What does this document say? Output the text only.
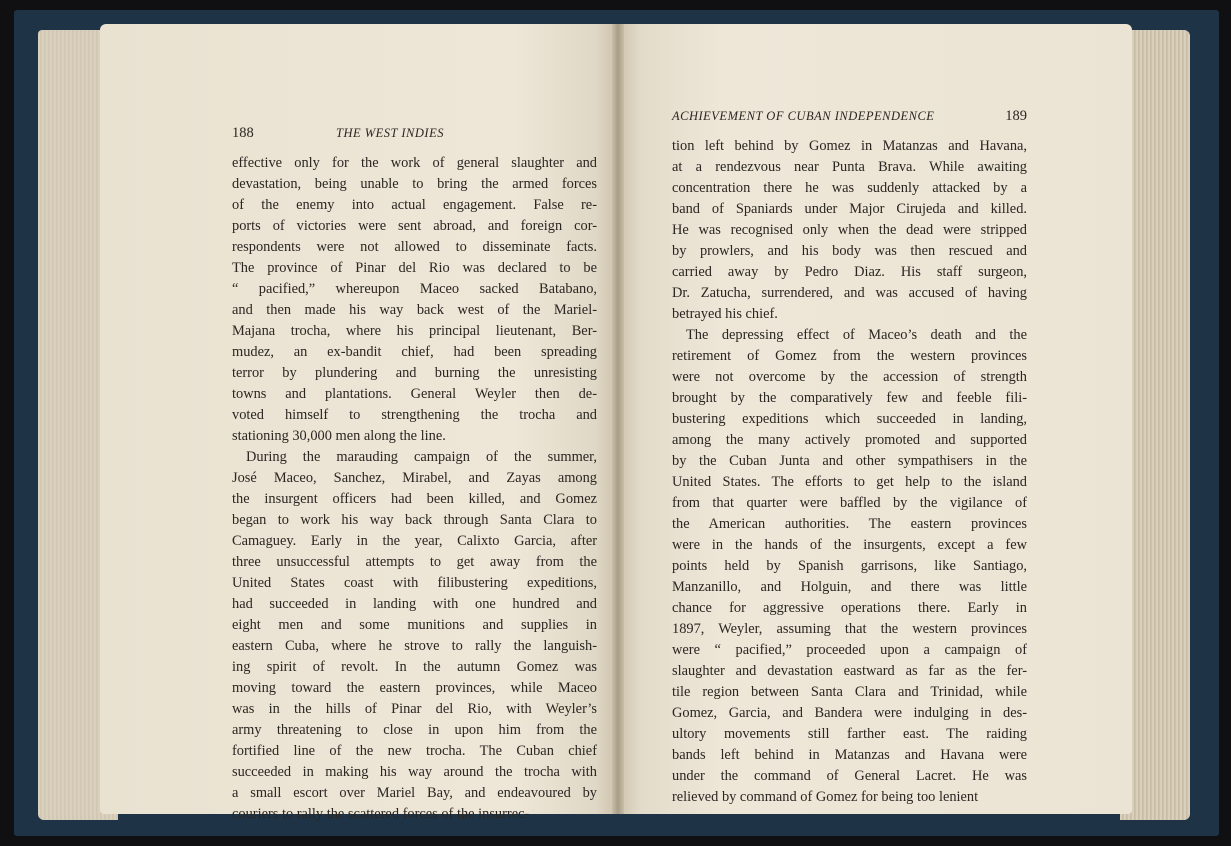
188	THE WEST INDIES
effective only for the work of general slaughter and
devastation, being unable to bring the armed forces
of the enemy into actual engagement. False re-
ports of victories were sent abroad, and foreign cor-
respondents were not allowed to disseminate facts.
The province of Pinar del Rio was declared to be
“ pacified,” whereupon Maceo sacked Batabano,
and then made his way back west of the Mariel-
Majana trocha, where his principal lieutenant, Ber-
mudez, an ex-bandit chief, had been spreading
terror by plundering and burning the unresisting
towns and plantations. General Weyler then de-
voted himself to strengthening the trocha and
stationing 30,000 men along the line.
During the marauding campaign of the summer,
José Maceo, Sanchez, Mirabel, and Zayas among
the insurgent officers had been killed, and Gomez
began to work his way back through Santa Clara to
Camaguey. Early in the year, Calixto Garcia, after
three unsuccessful attempts to get away from the
United States coast with filibustering expeditions,
had succeeded in landing with one hundred and
eight men and some munitions and supplies in
eastern Cuba, where he strove to rally the languish-
ing spirit of revolt. In the autumn Gomez was
moving toward the eastern provinces, while Maceo
was in the hills of Pinar del Rio, with Weyler’s
army threatening to close in upon him from the
fortified line of the new trocha. The Cuban chief
succeeded in making his way around the trocha with
a small escort over Mariel Bay, and endeavoured by
couriers to rally the scattered forces of the insurrec-
ACHIEVEMENT OF CUBAN INDEPENDENCE	189
tion left behind by Gomez in Matanzas and Havana,
at a rendezvous near Punta Brava. While awaiting
concentration there he was suddenly attacked by a
band of Spaniards under Major Cirujeda and killed.
He was recognised only when the dead were stripped
by prowlers, and his body was then rescued and
carried away by Pedro Diaz. His staff surgeon,
Dr. Zatucha, surrendered, and was accused of having
betrayed his chief.
The depressing effect of Maceo’s death and the
retirement of Gomez from the western provinces
were not overcome by the accession of strength
brought by the comparatively few and feeble fili-
bustering expeditions which succeeded in landing,
among the many actively promoted and supported
by the Cuban Junta and other sympathisers in the
United States. The efforts to get help to the island
from that quarter were baffled by the vigilance of
the American authorities. The eastern provinces
were in the hands of the insurgents, except a few
points held by Spanish garrisons, like Santiago,
Manzanillo, and Holguin, and there was little
chance for aggressive operations there. Early in
1897, Weyler, assuming that the western provinces
were “ pacified,” proceeded upon a campaign of
slaughter and devastation eastward as far as the fer-
tile region between Santa Clara and Trinidad, while
Gomez, Garcia, and Bandera were indulging in des-
ultory movements still farther east. The raiding
bands left behind in Matanzas and Havana were
under the command of General Lacret. He was
relieved by command of Gomez for being too lenient
